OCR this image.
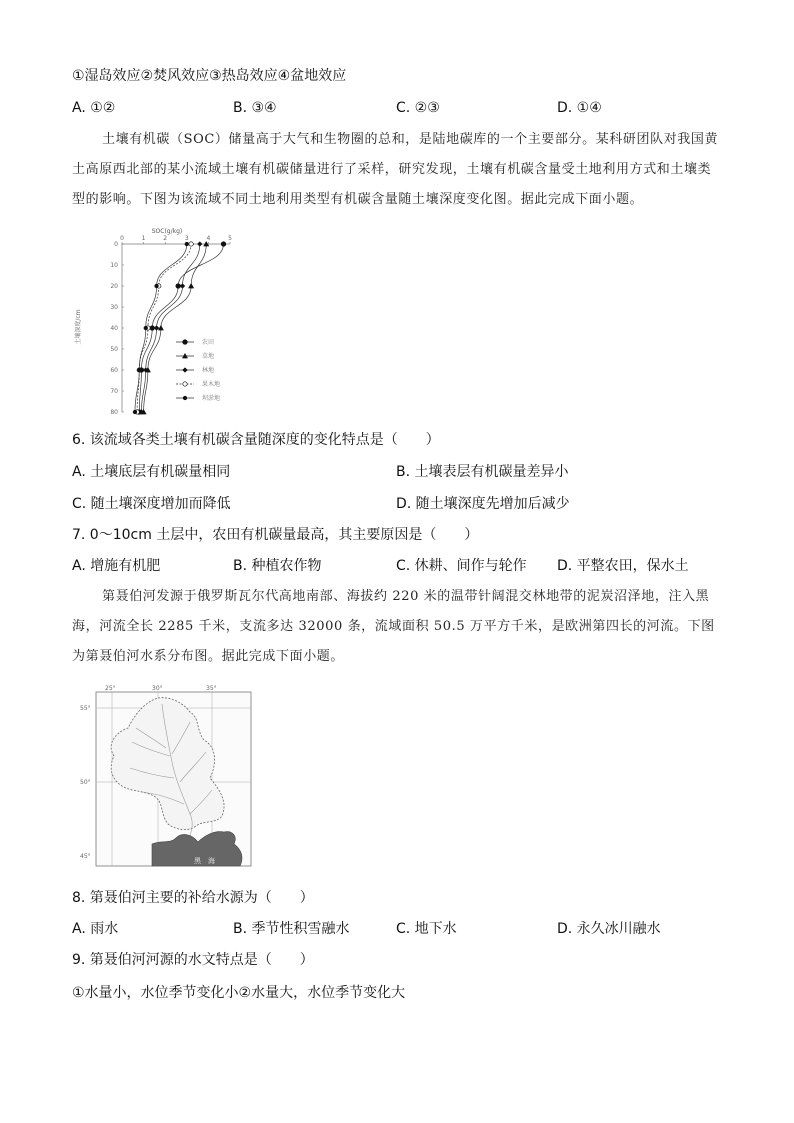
①湿岛效应②焚风效应③热岛效应④盆地效应
A. ①②	B. ③④	C. ②③	D. ①④
土壤有机碳（SOC）储量高于大气和生物圈的总和，是陆地碳库的一个主要部分。某科研团队对我国黄土高原西北部的某小流域土壤有机碳储量进行了采样，研究发现，土壤有机碳含量受土地利用方式和土壤类型的影响。下图为该流域不同土地利用类型有机碳含量随土壤深度变化图。据此完成下面小题。
SOC(g/kg)
土壤深度/cm
0	1	2	3	4	5
0
10
20
30
40
50
60
70
80
农田
草地
林地
果木地
坝淤地
6. 该流域各类土壤有机碳含量随深度的变化特点是（　　）
A. 土壤底层有机碳量相同	B. 土壤表层有机碳量差异小
C. 随土壤深度增加而降低	D. 随土壤深度先增加后减少
7. 0～10cm 土层中，农田有机碳量最高，其主要原因是（　　）
A. 增施有机肥	B. 种植农作物	C. 休耕、间作与轮作 D. 平整农田，保水土
第聂伯河发源于俄罗斯瓦尔代高地南部、海拔约 220 米的温带针阔混交林地带的泥炭沼泽地，注入黑海，河流全长 2285 千米，支流多达 32000 条，流域面积 50.5 万平方千米，是欧洲第四长的河流。下图为第聂伯河水系分布图。据此完成下面小题。
25°	30°	35°
55°
50°
45°
黑　海
8. 第聂伯河主要的补给水源为（　　）
A. 雨水	B. 季节性积雪融水	C. 地下水	D. 永久冰川融水
9. 第聂伯河河源的水文特点是（　　）
①水量小，水位季节变化小②水量大，水位季节变化大
